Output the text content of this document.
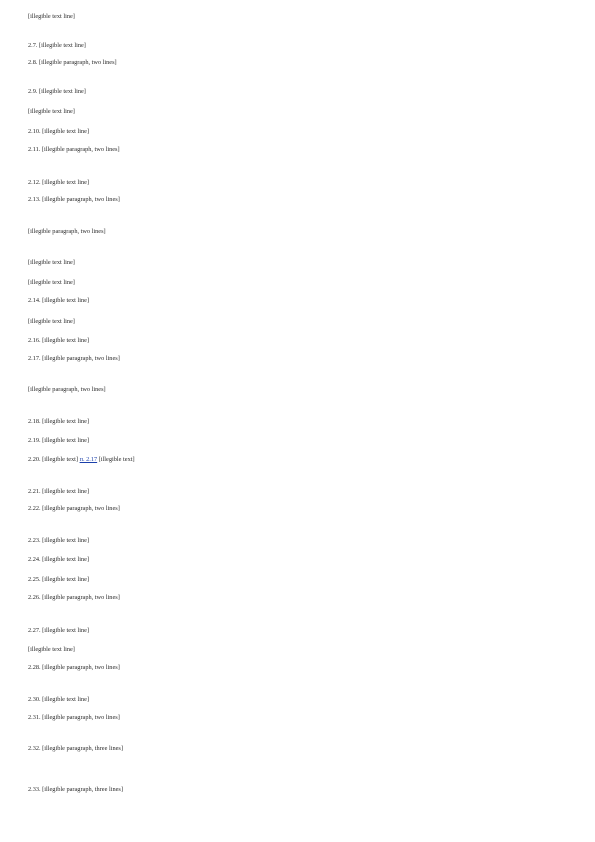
[illegible text line]

2.7. [illegible text line]

2.8. [illegible paragraph, two lines]

2.9. [illegible text line]

[illegible text line]

2.10. [illegible text line]

2.11. [illegible paragraph, two lines]

2.12. [illegible text line]

2.13. [illegible paragraph, two lines]

[illegible paragraph, two lines]

[illegible text line]

[illegible text line]

2.14. [illegible text line]

[illegible text line]

2.16. [illegible text line]

2.17. [illegible paragraph, two lines]

[illegible paragraph, two lines]

2.18. [illegible text line]

2.19. [illegible text line]

2.20. [illegible text] п. 2.17 [illegible text]

2.21. [illegible text line]

2.22. [illegible paragraph, two lines]

2.23. [illegible text line]

2.24. [illegible text line]

2.25. [illegible text line]

2.26. [illegible paragraph, two lines]

2.27. [illegible text line]

[illegible text line]

2.28. [illegible paragraph, two lines]

2.30. [illegible text line]

2.31. [illegible paragraph, two lines]

2.32. [illegible paragraph, three lines]

2.33. [illegible paragraph, three lines]
